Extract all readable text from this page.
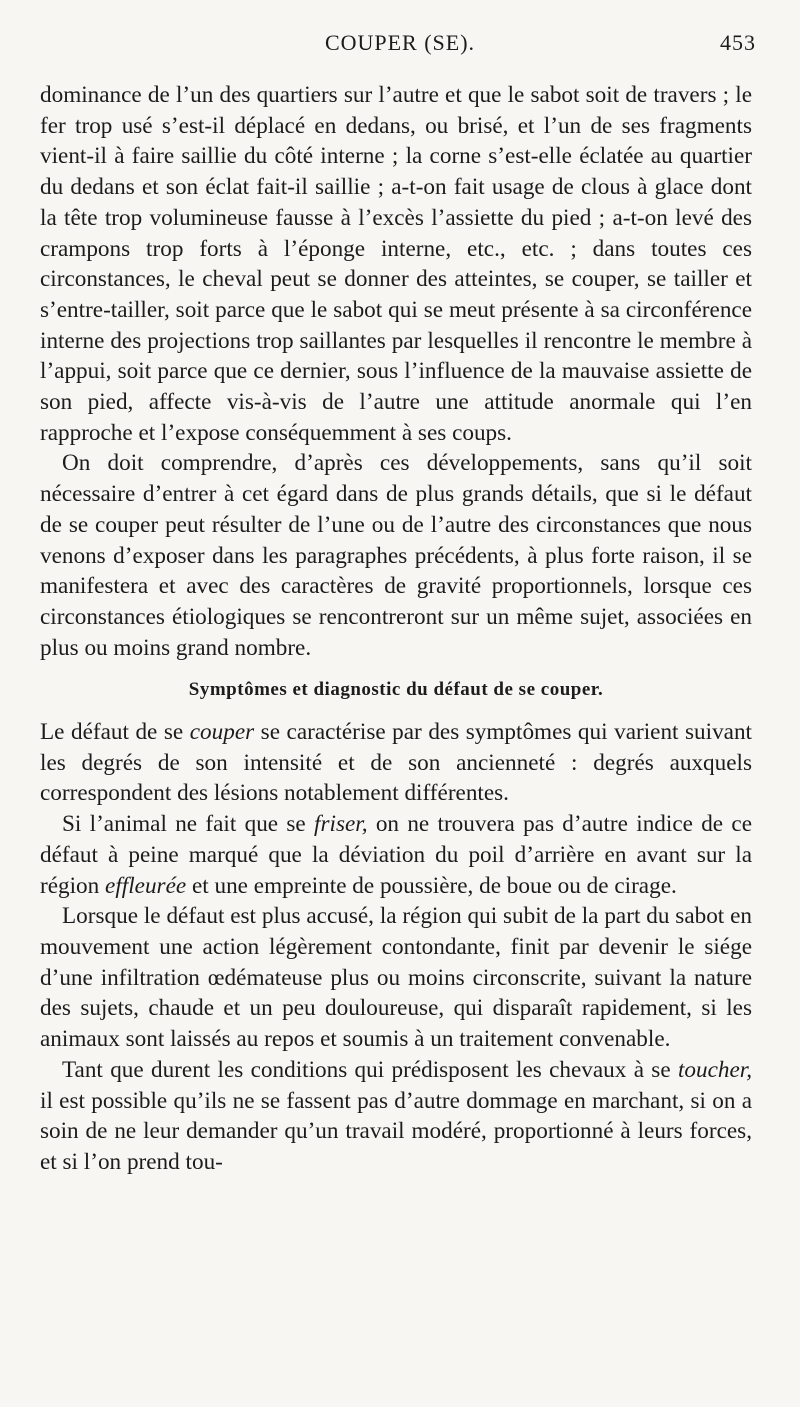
COUPER (SE).	453

dominance de l’un des quartiers sur l’autre et que le sabot soit de travers ; le fer trop usé s’est-il déplacé en dedans, ou brisé, et l’un de ses fragments vient-il à faire saillie du côté interne ; la corne s’est-elle éclatée au quartier du dedans et son éclat fait-il saillie ; a-t-on fait usage de clous à glace dont la tête trop volumineuse fausse à l’excès l’assiette du pied ; a-t-on levé des crampons trop forts à l’éponge interne, etc., etc. ; dans toutes ces circonstances, le cheval peut se donner des atteintes, se couper, se tailler et s’entre-tailler, soit parce que le sabot qui se meut présente à sa circonférence interne des projections trop saillantes par lesquelles il rencontre le membre à l’appui, soit parce que ce dernier, sous l’influence de la mauvaise assiette de son pied, affecte vis-à-vis de l’autre une attitude anormale qui l’en rapproche et l’expose conséquemment à ses coups.

On doit comprendre, d’après ces développements, sans qu’il soit nécessaire d’entrer à cet égard dans de plus grands détails, que si le défaut de se couper peut résulter de l’une ou de l’autre des circonstances que nous venons d’exposer dans les paragraphes précédents, à plus forte raison, il se manifestera et avec des caractères de gravité proportionnels, lorsque ces circonstances étiologiques se rencontreront sur un même sujet, associées en plus ou moins grand nombre.

Symptômes et diagnostic du défaut de se couper.

Le défaut de se couper se caractérise par des symptômes qui varient suivant les degrés de son intensité et de son ancienneté : degrés auxquels correspondent des lésions notablement différentes.

Si l’animal ne fait que se friser, on ne trouvera pas d’autre indice de ce défaut à peine marqué que la déviation du poil d’arrière en avant sur la région effleurée et une empreinte de poussière, de boue ou de cirage.

Lorsque le défaut est plus accusé, la région qui subit de la part du sabot en mouvement une action légèrement contondante, finit par devenir le siége d’une infiltration œdémateuse plus ou moins circonscrite, suivant la nature des sujets, chaude et un peu douloureuse, qui disparaît rapidement, si les animaux sont laissés au repos et soumis à un traitement convenable.

Tant que durent les conditions qui prédisposent les chevaux à se toucher, il est possible qu’ils ne se fassent pas d’autre dommage en marchant, si on a soin de ne leur demander qu’un travail modéré, proportionné à leurs forces, et si l’on prend tou-
